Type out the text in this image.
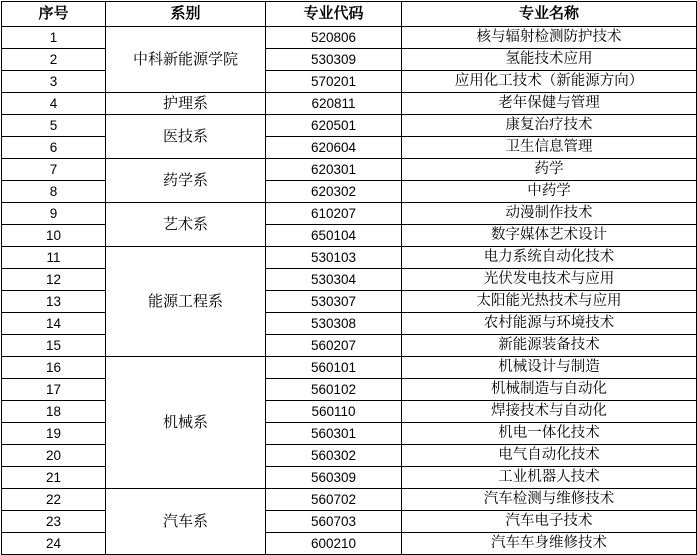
序号	系别	专业代码	专业名称
1	中科新能源学院	520806	核与辐射检测防护技术
2		530309	氢能技术应用
3		570201	应用化工技术（新能源方向）
4	护理系	620811	老年保健与管理
5	医技系	620501	康复治疗技术
6		620604	卫生信息管理
7	药学系	620301	药学
8		620302	中药学
9	艺术系	610207	动漫制作技术
10		650104	数字媒体艺术设计
11	能源工程系	530103	电力系统自动化技术
12		530304	光伏发电技术与应用
13		530307	太阳能光热技术与应用
14		530308	农村能源与环境技术
15		560207	新能源装备技术
16	机械系	560101	机械设计与制造
17		560102	机械制造与自动化
18		560110	焊接技术与自动化
19		560301	机电一体化技术
20		560302	电气自动化技术
21		560309	工业机器人技术
22	汽车系	560702	汽车检测与维修技术
23		560703	汽车电子技术
24		600210	汽车车身维修技术
